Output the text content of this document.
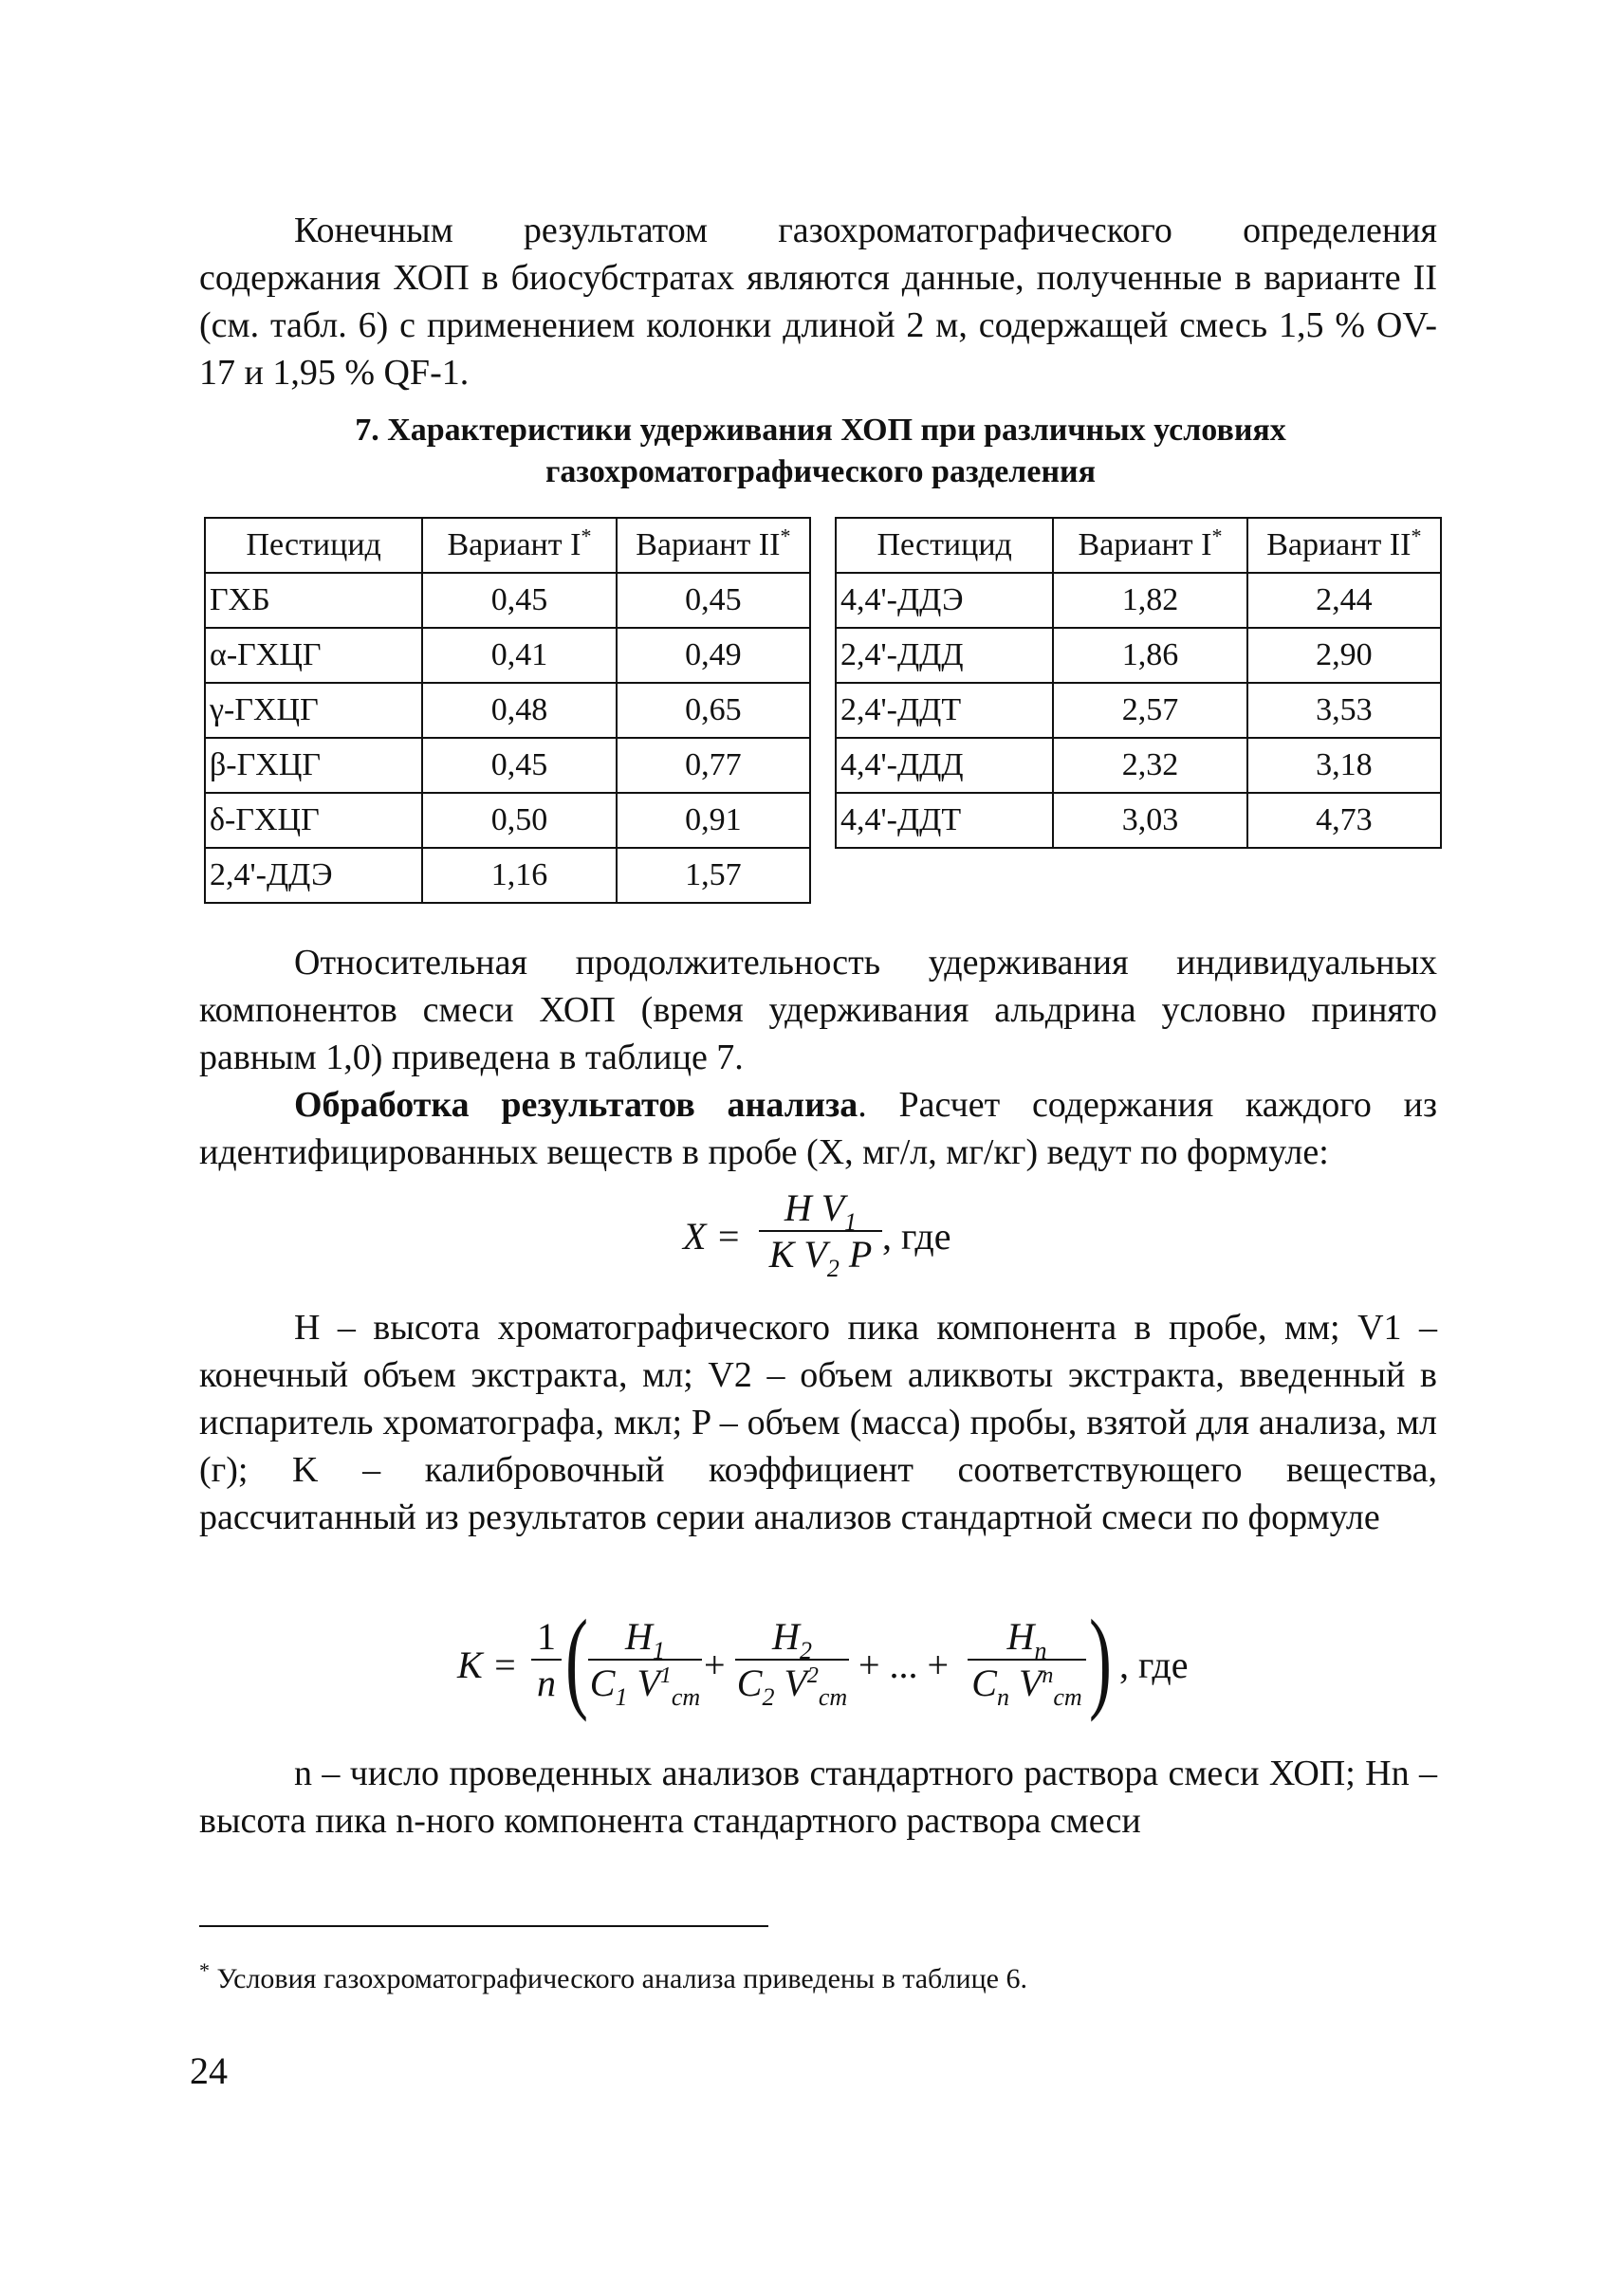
Конечным результатом газохроматографического определения содержания ХОП в биосубстратах являются данные, полученные в варианте II (см. табл. 6) с применением колонки длиной 2 м, содержащей смесь 1,5 % OV-17 и 1,95 % QF-1.

7. Характеристики удерживания ХОП при различных условиях
газохроматографического разделения
Пестицид	Вариант I*	Вариант II*
ГХБ	0,45	0,45
α-ГХЦГ	0,41	0,49
γ-ГХЦГ	0,48	0,65
β-ГХЦГ	0,45	0,77
δ-ГХЦГ	0,50	0,91
2,4'-ДДЭ	1,16	1,57
Пестицид	Вариант I*	Вариант II*
4,4'-ДДЭ	1,82	2,44
2,4'-ДДД	1,86	2,90
2,4'-ДДТ	2,57	3,53
4,4'-ДДД	2,32	3,18
4,4'-ДДТ	3,03	4,73

Относительная продолжительность удерживания индивидуальных компонентов смеси ХОП (время удерживания альдрина условно принято равным 1,0) приведена в таблице 7.

Обработка результатов анализа. Расчет содержания каждого из идентифицированных веществ в пробе (X, мг/л, мг/кг) ведут по формуле:

X =
H $V_1$
K $V_2$ P , где

H – высота хроматографического пика компонента в пробе, мм; V1 – конечный объем экстракта, мл; V2 – объем аликвоты экстракта, введенный в испаритель хроматографа, мкл; P – объем (масса) пробы, взятой для анализа, мл (г); K – калибровочный коэффициент соответствующего вещества, рассчитанный из результатов серии анализов стандартной смеси по формуле

K =
1
n ( $H_1$
$C_1$ $V^1_{cm}$
+
$H_2$
$C_2$ $V^2_{cm}$
+ ... +
$H_n$
$C_n$ $V^n_{cm}$ ) , где

n – число проведенных анализов стандартного раствора смеси ХОП; Hn – высота пика n-ного компонента стандартного раствора смеси

* Условия газохроматографического анализа приведены в таблице 6.
24
